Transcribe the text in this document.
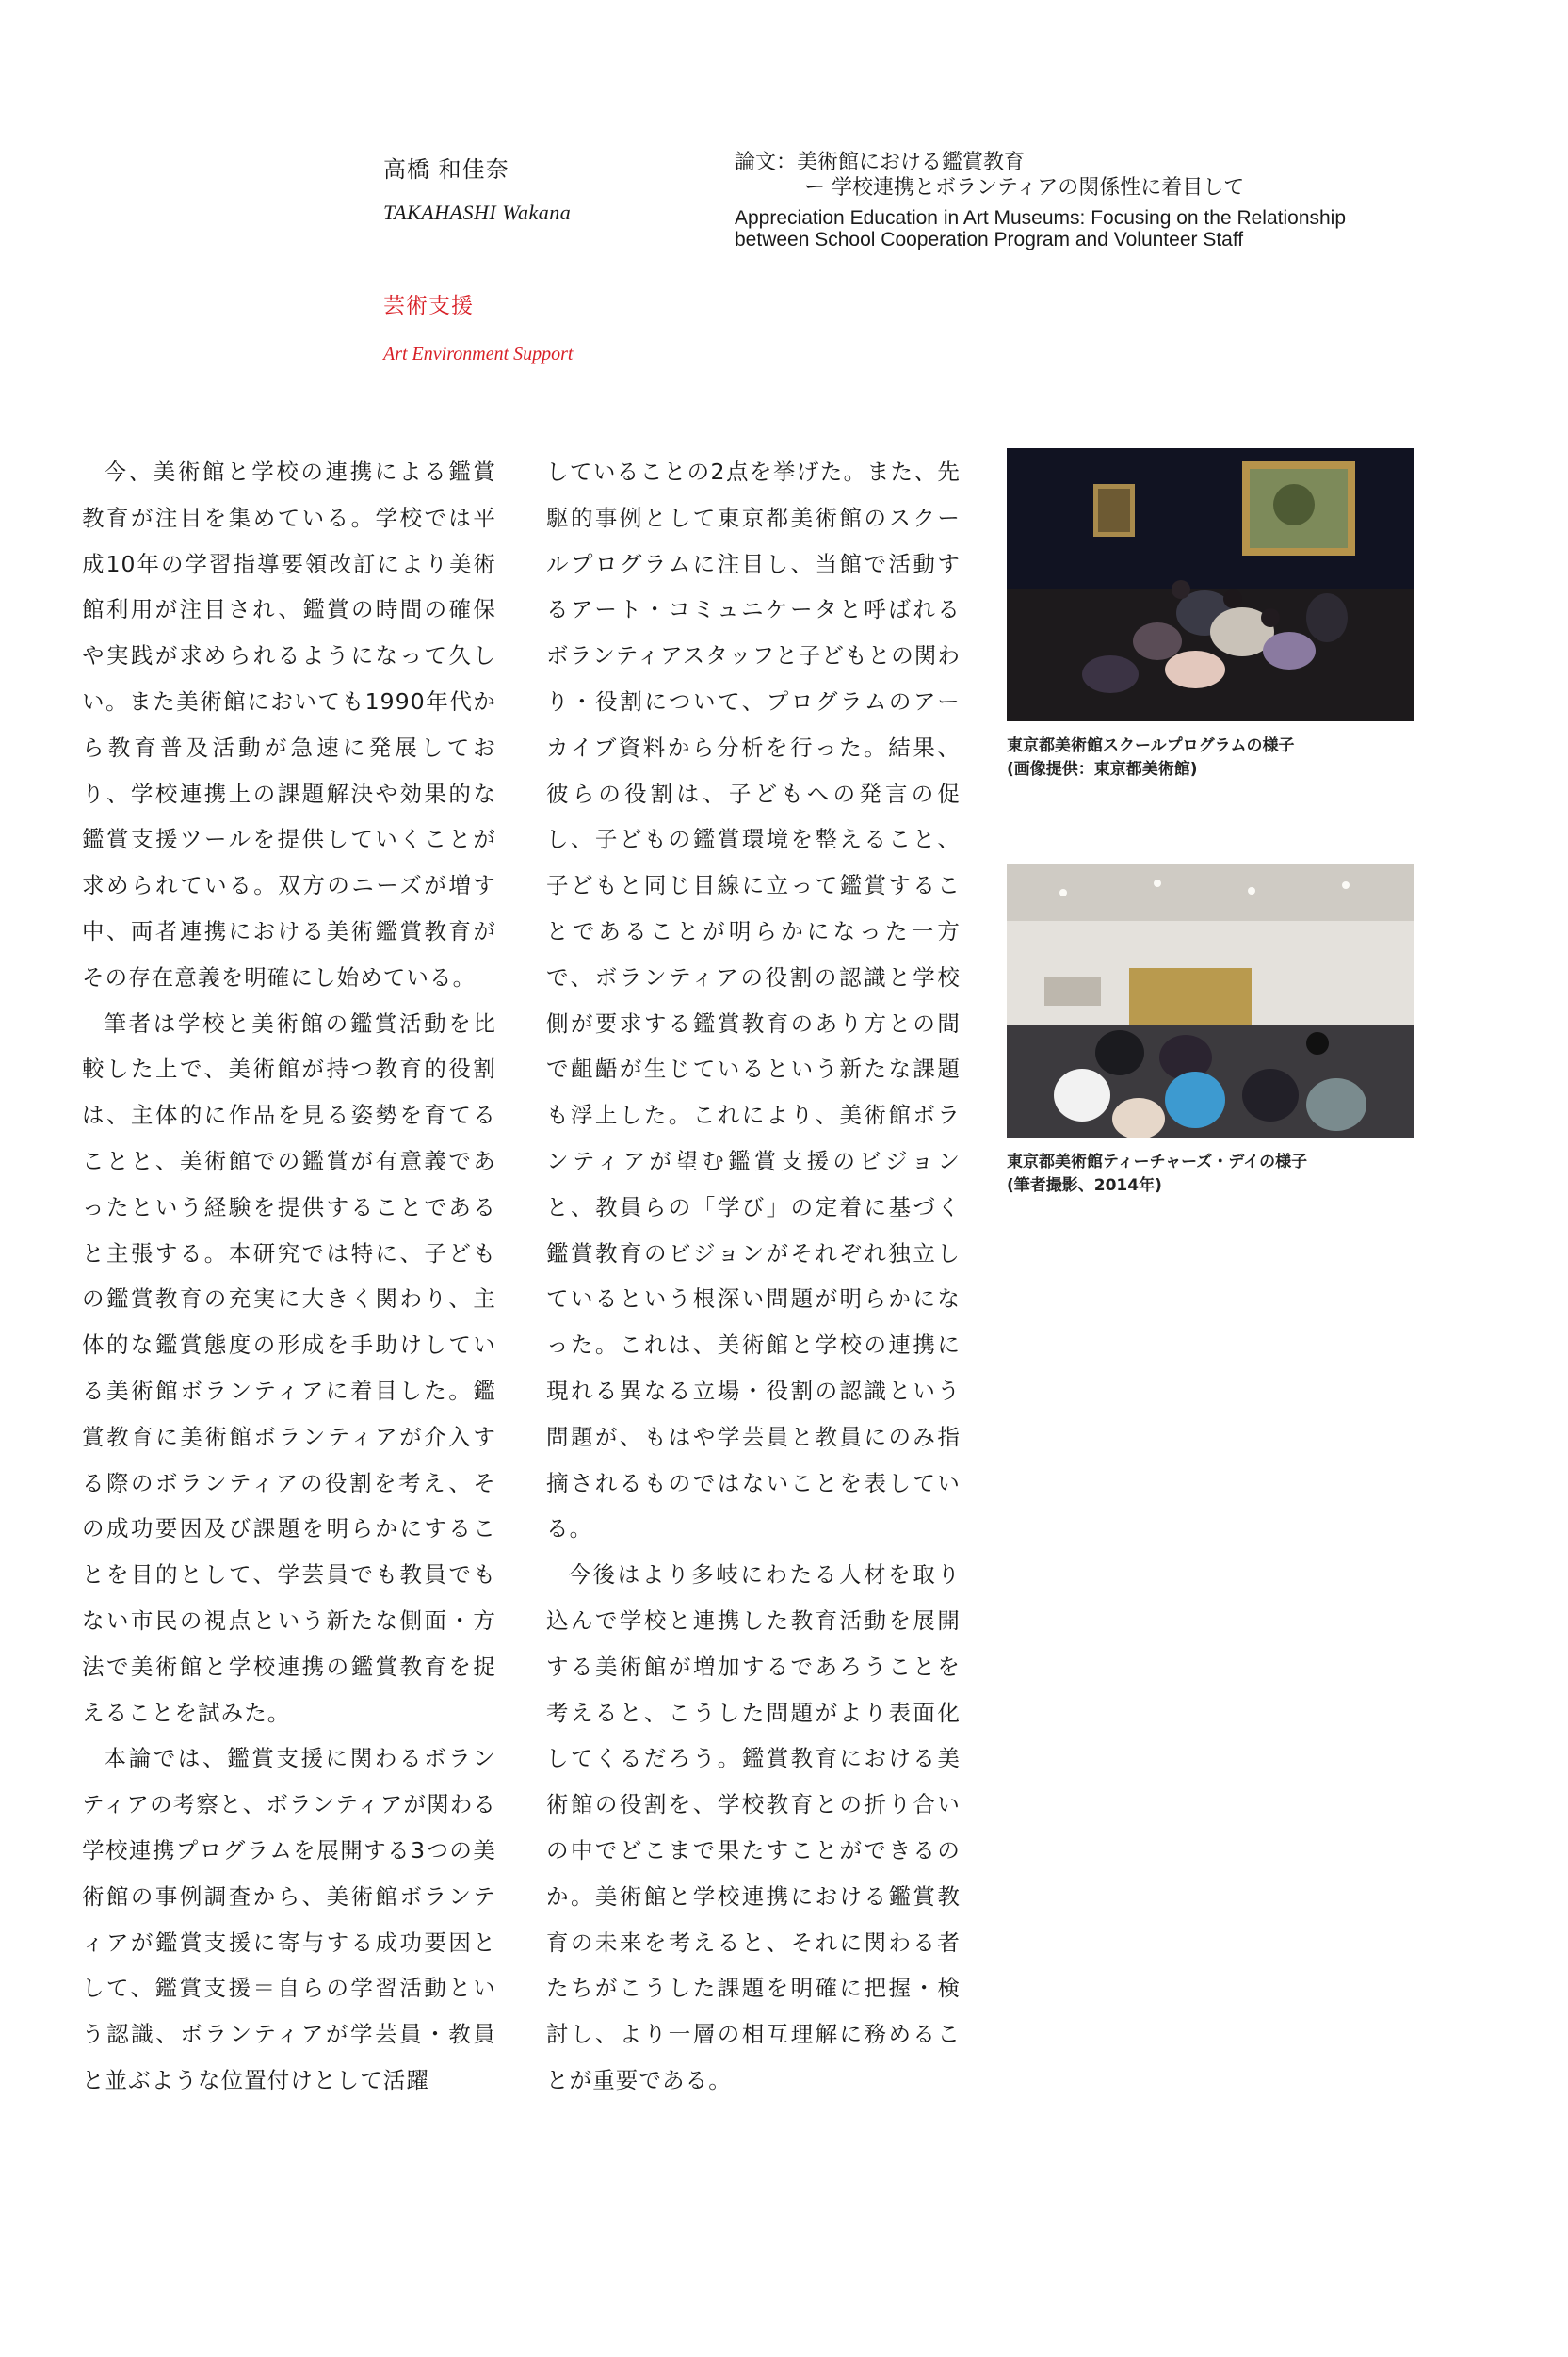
高橋 和佳奈
TAKAHASHI Wakana
芸術支援
Art Environment Support

論文：美術館における鑑賞教育

ー 学校連携とボランティアの関係性に着目して

Appreciation Education in Art Museums: Focusing on the Relationship
between School Cooperation Program and Volunteer Staff

今、美術館と学校の連携による鑑賞教育が注目を集めている。学校では平成10年の学習指導要領改訂により美術館利用が注目され、鑑賞の時間の確保や実践が求められるようになって久しい。また美術館においても1990年代から教育普及活動が急速に発展しており、学校連携上の課題解決や効果的な鑑賞支援ツールを提供していくことが求められている。双方のニーズが増す中、両者連携における美術鑑賞教育がその存在意義を明確にし始めている。

筆者は学校と美術館の鑑賞活動を比較した上で、美術館が持つ教育的役割は、主体的に作品を見る姿勢を育てることと、美術館での鑑賞が有意義であったという経験を提供することであると主張する。本研究では特に、子どもの鑑賞教育の充実に大きく関わり、主体的な鑑賞態度の形成を手助けしている美術館ボランティアに着目した。鑑賞教育に美術館ボランティアが介入する際のボランティアの役割を考え、その成功要因及び課題を明らかにすることを目的として、学芸員でも教員でもない市民の視点という新たな側面・方法で美術館と学校連携の鑑賞教育を捉えることを試みた。

本論では、鑑賞支援に関わるボランティアの考察と、ボランティアが関わる学校連携プログラムを展開する3つの美術館の事例調査から、美術館ボランティアが鑑賞支援に寄与する成功要因として、鑑賞支援＝自らの学習活動という認識、ボランティアが学芸員・教員と並ぶような位置付けとして活躍

していることの2点を挙げた。また、先駆的事例として東京都美術館のスクールプログラムに注目し、当館で活動するアート・コミュニケータと呼ばれるボランティアスタッフと子どもとの関わり・役割について、プログラムのアーカイブ資料から分析を行った。結果、彼らの役割は、子どもへの発言の促し、子どもの鑑賞環境を整えること、子どもと同じ目線に立って鑑賞することであることが明らかになった一方で、ボランティアの役割の認識と学校側が要求する鑑賞教育のあり方との間で齟齬が生じているという新たな課題も浮上した。これにより、美術館ボランティアが望む鑑賞支援のビジョンと、教員らの「学び」の定着に基づく鑑賞教育のビジョンがそれぞれ独立しているという根深い問題が明らかになった。これは、美術館と学校の連携に現れる異なる立場・役割の認識という問題が、もはや学芸員と教員にのみ指摘されるものではないことを表している。

今後はより多岐にわたる人材を取り込んで学校と連携した教育活動を展開する美術館が増加するであろうことを考えると、こうした問題がより表面化してくるだろう。鑑賞教育における美術館の役割を、学校教育との折り合いの中でどこまで果たすことができるのか。美術館と学校連携における鑑賞教育の未来を考えると、それに関わる者たちがこうした課題を明確に把握・検討し、より一層の相互理解に務めることが重要である。

東京都美術館スクールプログラムの様子
(画像提供：東京都美術館)
東京都美術館ティーチャーズ・デイの様子
(筆者撮影、2014年)
